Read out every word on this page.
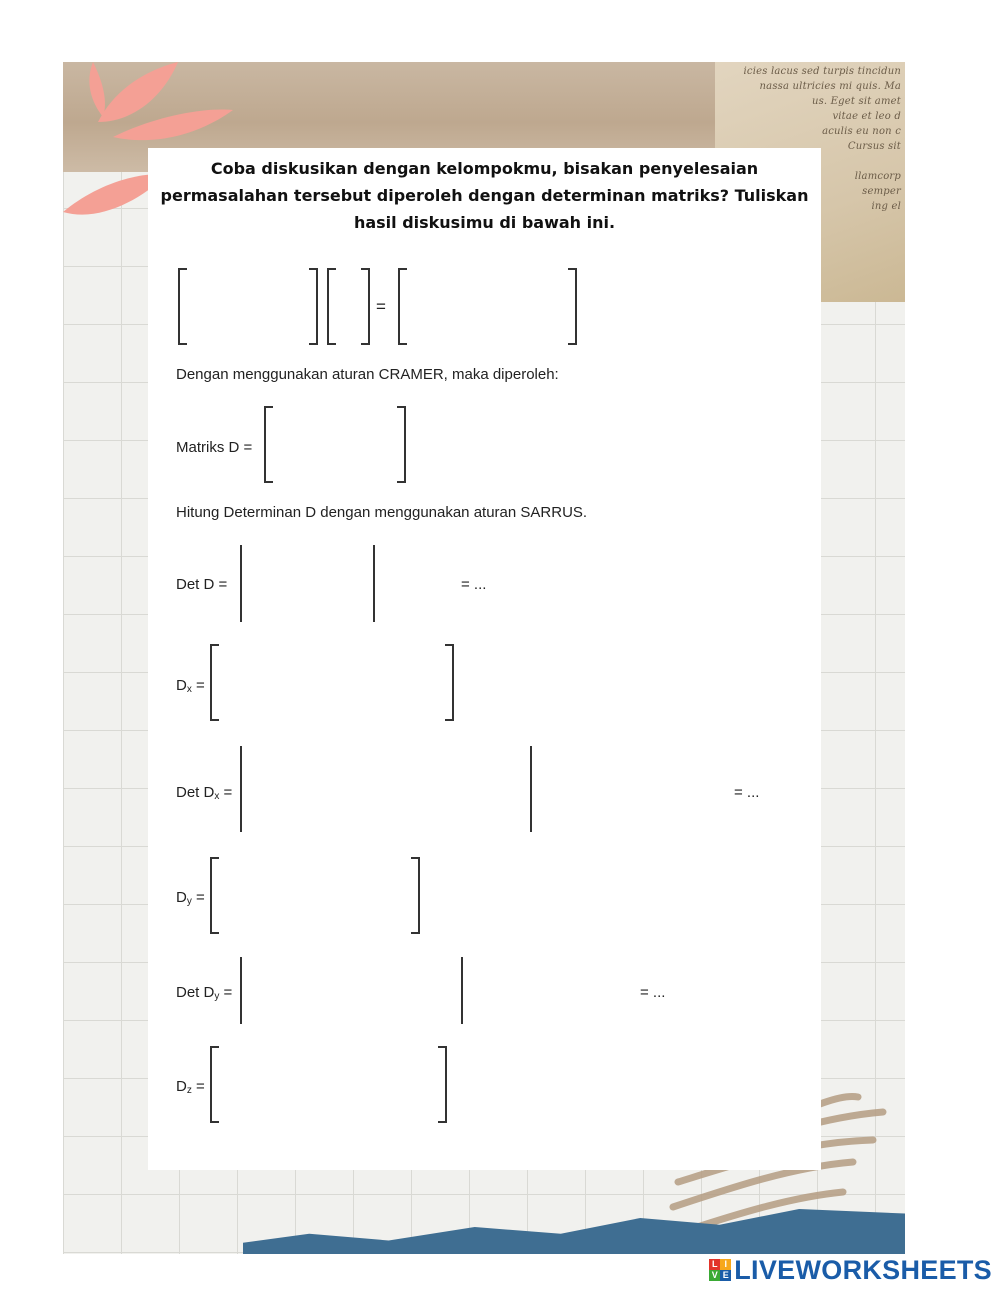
icies lacus sed turpis tincidun
nassa ultricies mi quis. Ma
us. Eget sit amet
vitae et leo d
aculis eu non c
Cursus sit
llamcorp
semper
ing el
Coba diskusikan dengan kelompokmu, bisakan penyelesaian permasalahan tersebut diperoleh dengan determinan matriks? Tuliskan hasil diskusimu di bawah ini.
=
Dengan menggunakan aturan CRAMER, maka diperoleh:
Matriks D =
Hitung Determinan D dengan menggunakan aturan SARRUS.
Det D =	= ...
$D_x$ =
Det $D_x$ =	= ...
$D_y$ =
Det $D_y$ =	= ...
$D_z$ =
L I
V E LIVEWORKSHEETS
